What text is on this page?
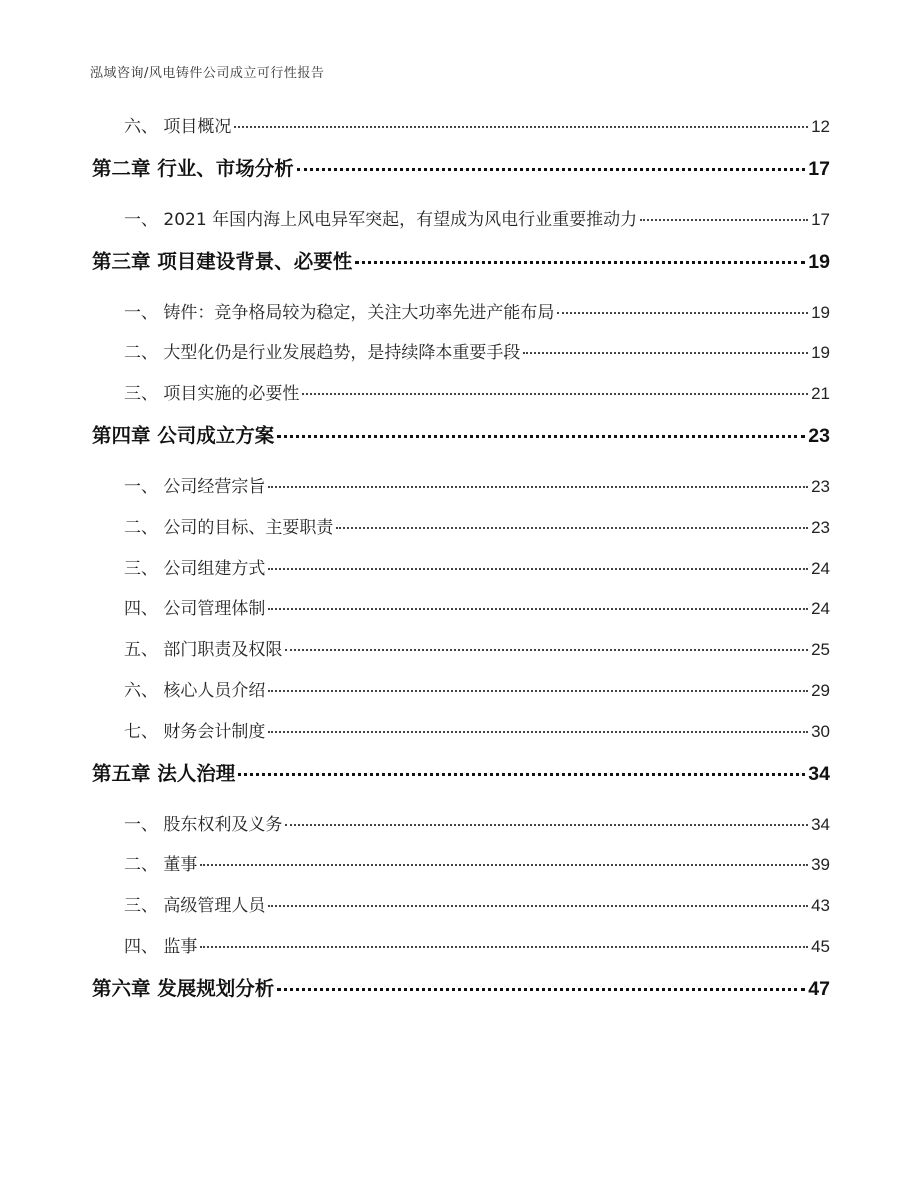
泓域咨询/风电铸件公司成立可行性报告
六、 项目概况	12
第二章 行业、市场分析	17
一、 2021 年国内海上风电异军突起，有望成为风电行业重要推动力	17
第三章 项目建设背景、必要性	19
一、 铸件：竞争格局较为稳定，关注大功率先进产能布局	19
二、 大型化仍是行业发展趋势，是持续降本重要手段	19
三、 项目实施的必要性	21
第四章 公司成立方案	23
一、 公司经营宗旨	23
二、 公司的目标、主要职责	23
三、 公司组建方式	24
四、 公司管理体制	24
五、 部门职责及权限	25
六、 核心人员介绍	29
七、 财务会计制度	30
第五章 法人治理	34
一、 股东权利及义务	34
二、 董事	39
三、 高级管理人员	43
四、 监事	45
第六章 发展规划分析	47
